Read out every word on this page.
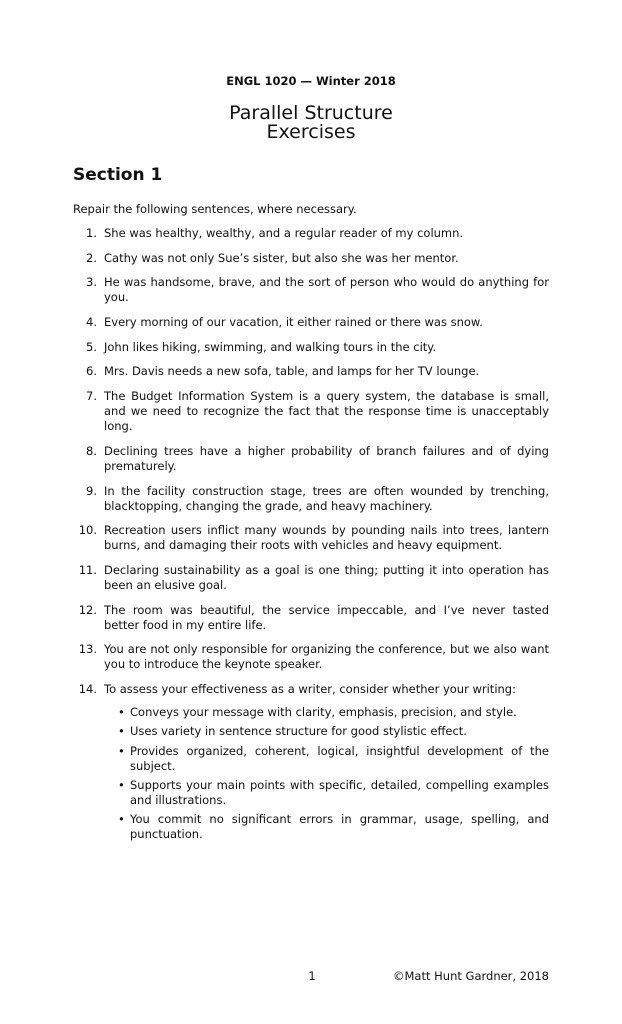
ENGL 1020 — Winter 2018
Parallel Structure
Exercises
Section 1
Repair the following sentences, where necessary.
1. She was healthy, wealthy, and a regular reader of my column.
2. Cathy was not only Sue’s sister, but also she was her mentor.
3. He was handsome, brave, and the sort of person who would do anything for you.
4. Every morning of our vacation, it either rained or there was snow.
5. John likes hiking, swimming, and walking tours in the city.
6. Mrs. Davis needs a new sofa, table, and lamps for her TV lounge.
7. The Budget Information System is a query system, the database is small, and we need to recognize the fact that the response time is unacceptably long.
8. Declining trees have a higher probability of branch failures and of dying prematurely.
9. In the facility construction stage, trees are often wounded by trenching, blacktopping, changing the grade, and heavy machinery.
10. Recreation users inflict many wounds by pounding nails into trees, lantern burns, and damaging their roots with vehicles and heavy equipment.
11. Declaring sustainability as a goal is one thing; putting it into operation has been an elusive goal.
12. The room was beautiful, the service impeccable, and I’ve never tasted better food in my entire life.
13. You are not only responsible for organizing the conference, but we also want you to introduce the keynote speaker.
14. To assess your effectiveness as a writer, consider whether your writing:
• Conveys your message with clarity, emphasis, precision, and style.
• Uses variety in sentence structure for good stylistic effect.
• Provides organized, coherent, logical, insightful development of the subject.
• Supports your main points with specific, detailed, compelling examples and illustrations.
• You commit no significant errors in grammar, usage, spelling, and punctuation.
1	©Matt Hunt Gardner, 2018
